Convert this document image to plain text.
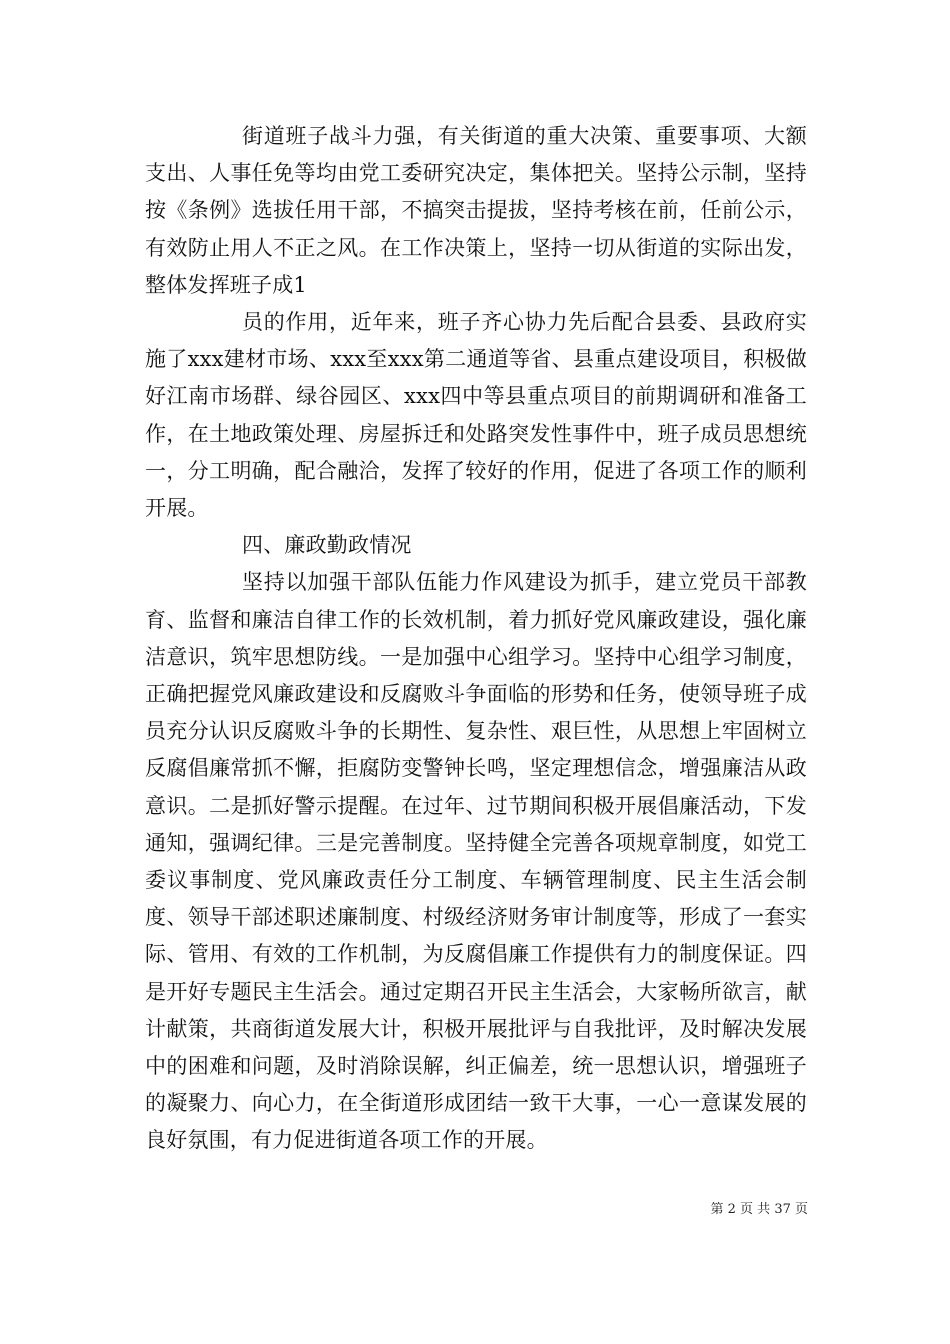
街道班子战斗力强，有关街道的重大决策、重要事项、大额支出、人事任免等均由党工委研究决定，集体把关。坚持公示制，坚持按《条例》选拔任用干部，不搞突击提拔，坚持考核在前，任前公示，有效防止用人不正之风。在工作决策上，坚持一切从街道的实际出发，整体发挥班子成1

员的作用，近年来，班子齐心协力先后配合县委、县政府实施了xxx建材市场、xxx至xxx第二通道等省、县重点建设项目，积极做好江南市场群、绿谷园区、xxx四中等县重点项目的前期调研和准备工作，在土地政策处理、房屋拆迁和处路突发性事件中，班子成员思想统一，分工明确，配合融洽，发挥了较好的作用，促进了各项工作的顺利开展。

四、廉政勤政情况

坚持以加强干部队伍能力作风建设为抓手，建立党员干部教育、监督和廉洁自律工作的长效机制，着力抓好党风廉政建设，强化廉洁意识，筑牢思想防线。一是加强中心组学习。坚持中心组学习制度，正确把握党风廉政建设和反腐败斗争面临的形势和任务，使领导班子成员充分认识反腐败斗争的长期性、复杂性、艰巨性，从思想上牢固树立反腐倡廉常抓不懈，拒腐防变警钟长鸣，坚定理想信念，增强廉洁从政意识。二是抓好警示提醒。在过年、过节期间积极开展倡廉活动，下发通知，强调纪律。三是完善制度。坚持健全完善各项规章制度，如党工委议事制度、党风廉政责任分工制度、车辆管理制度、民主生活会制度、领导干部述职述廉制度、村级经济财务审计制度等，形成了一套实际、管用、有效的工作机制，为反腐倡廉工作提供有力的制度保证。四是开好专题民主生活会。通过定期召开民主生活会，大家畅所欲言，献计献策，共商街道发展大计，积极开展批评与自我批评，及时解决发展中的困难和问题，及时消除误解，纠正偏差，统一思想认识，增强班子的凝聚力、向心力，在全街道形成团结一致干大事，一心一意谋发展的良好氛围，有力促进街道各项工作的开展。

第 2 页 共 37 页
